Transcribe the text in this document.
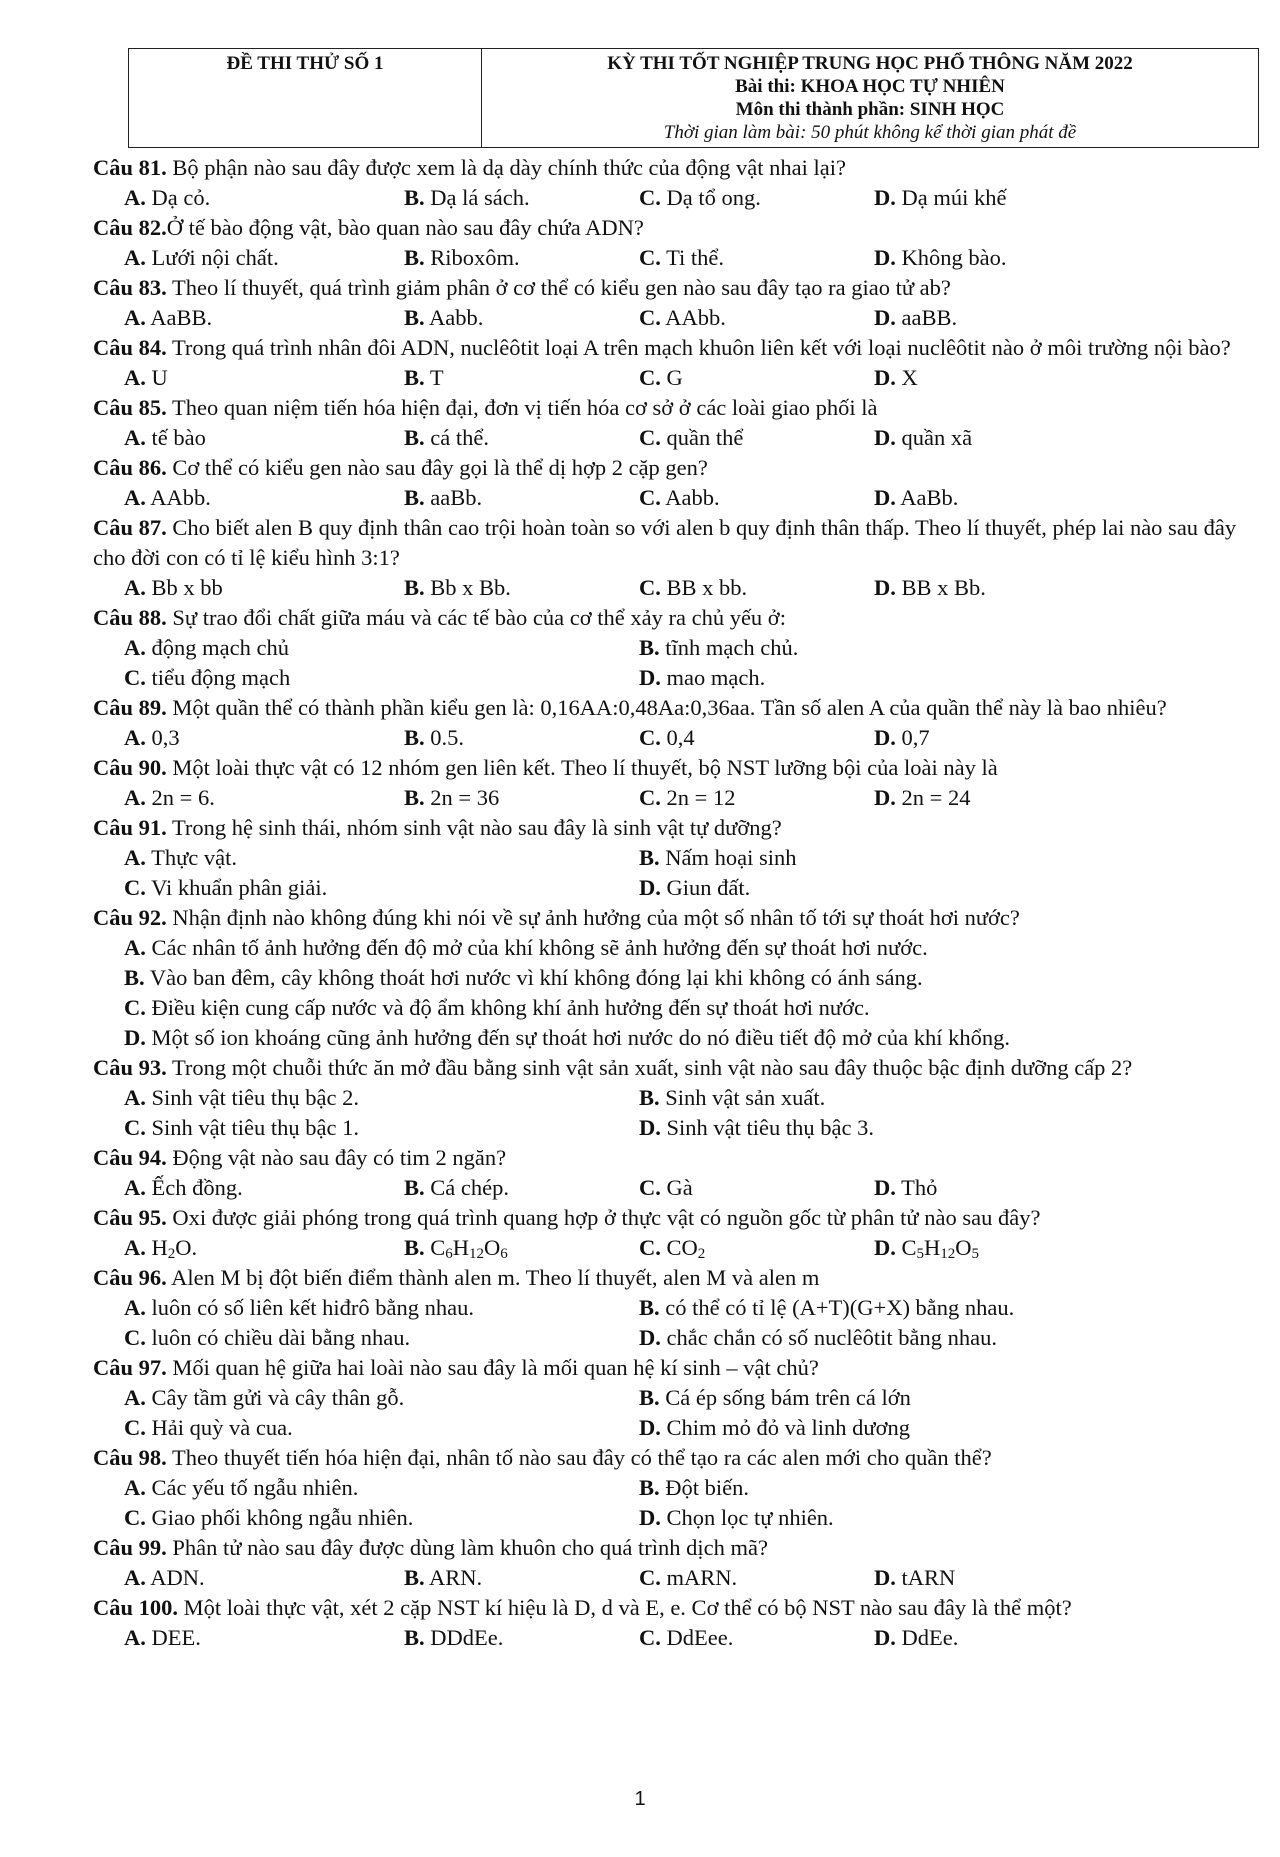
ĐỀ THI THỬ SỐ 1	KỲ THI TỐT NGHIỆP TRUNG HỌC PHỔ THÔNG NĂM 2022
Bài thi: KHOA HỌC TỰ NHIÊN
Môn thi thành phần: SINH HỌC
Thời gian làm bài: 50 phút không kể thời gian phát đề
Câu 81. Bộ phận nào sau đây được xem là dạ dày chính thức của động vật nhai lại?
A. Dạ cỏ.	B. Dạ lá sách.	C. Dạ tổ ong.	D. Dạ múi khế
Câu 82.Ở tế bào động vật, bào quan nào sau đây chứa ADN?
A. Lưới nội chất.	B. Riboxôm.	C. Ti thể.	D. Không bào.
Câu 83. Theo lí thuyết, quá trình giảm phân ở cơ thể có kiểu gen nào sau đây tạo ra giao tử ab?
A. AaBB.	B. Aabb.	C. AAbb.	D. aaBB.
Câu 84. Trong quá trình nhân đôi ADN, nuclêôtit loại A trên mạch khuôn liên kết với loại nuclêôtit nào ở môi trường nội bào?
A. U	B. T	C. G	D. X
Câu 85. Theo quan niệm tiến hóa hiện đại, đơn vị tiến hóa cơ sở ở các loài giao phối là
A. tế bào	B. cá thể.	C. quần thể	D. quần xã
Câu 86. Cơ thể có kiểu gen nào sau đây gọi là thể dị hợp 2 cặp gen?
A. AAbb.	B. aaBb.	C. Aabb.	D. AaBb.
Câu 87. Cho biết alen B quy định thân cao trội hoàn toàn so với alen b quy định thân thấp. Theo lí thuyết, phép lai nào sau đây cho đời con có tỉ lệ kiểu hình 3:1?
A. Bb x bb	B. Bb x Bb.	C. BB x bb.	D. BB x Bb.
Câu 88. Sự trao đổi chất giữa máu và các tế bào của cơ thể xảy ra chủ yếu ở:
A. động mạch chủ	B. tĩnh mạch chủ.
C. tiểu động mạch	D. mao mạch.
Câu 89. Một quần thể có thành phần kiểu gen là: 0,16AA:0,48Aa:0,36aa. Tần số alen A của quần thể này là bao nhiêu?
A. 0,3	B. 0.5.	C. 0,4	D. 0,7
Câu 90. Một loài thực vật có 12 nhóm gen liên kết. Theo lí thuyết, bộ NST lưỡng bội của loài này là
A. 2n = 6.	B. 2n = 36	C. 2n = 12	D. 2n = 24
Câu 91. Trong hệ sinh thái, nhóm sinh vật nào sau đây là sinh vật tự dưỡng?
A. Thực vật.	B. Nấm hoại sinh
C. Vi khuẩn phân giải.	D. Giun đất.
Câu 92. Nhận định nào không đúng khi nói về sự ảnh hưởng của một số nhân tố tới sự thoát hơi nước?
A. Các nhân tố ảnh hưởng đến độ mở của khí không sẽ ảnh hưởng đến sự thoát hơi nước.
B. Vào ban đêm, cây không thoát hơi nước vì khí không đóng lại khi không có ánh sáng.
C. Điều kiện cung cấp nước và độ ẩm không khí ảnh hưởng đến sự thoát hơi nước.
D. Một số ion khoáng cũng ảnh hưởng đến sự thoát hơi nước do nó điều tiết độ mở của khí khổng.
Câu 93. Trong một chuỗi thức ăn mở đầu bằng sinh vật sản xuất, sinh vật nào sau đây thuộc bậc định dưỡng cấp 2?
A. Sinh vật tiêu thụ bậc 2.	B. Sinh vật sản xuất.
C. Sinh vật tiêu thụ bậc 1.	D. Sinh vật tiêu thụ bậc 3.
Câu 94. Động vật nào sau đây có tim 2 ngăn?
A. Ếch đồng.	B. Cá chép.	C. Gà	D. Thỏ
Câu 95. Oxi được giải phóng trong quá trình quang hợp ở thực vật có nguồn gốc từ phân tử nào sau đây?
A. $H_2O$.	B. $C_6H_{12}O_6$	C. $CO_2$	D. $C_5H_{12}O_5$
Câu 96. Alen M bị đột biến điểm thành alen m. Theo lí thuyết, alen M và alen m
A. luôn có số liên kết hiđrô bằng nhau.	B. có thể có tỉ lệ (A+T)(G+X) bằng nhau.
C. luôn có chiều dài bằng nhau.	D. chắc chắn có số nuclêôtit bằng nhau.
Câu 97. Mối quan hệ giữa hai loài nào sau đây là mối quan hệ kí sinh – vật chủ?
A. Cây tầm gửi và cây thân gỗ.	B. Cá ép sống bám trên cá lớn
C. Hải quỳ và cua.	D. Chim mỏ đỏ và linh dương
Câu 98. Theo thuyết tiến hóa hiện đại, nhân tố nào sau đây có thể tạo ra các alen mới cho quần thể?
A. Các yếu tố ngẫu nhiên.	B. Đột biến.
C. Giao phối không ngẫu nhiên.	D. Chọn lọc tự nhiên.
Câu 99. Phân tử nào sau đây được dùng làm khuôn cho quá trình dịch mã?
A. ADN.	B. ARN.	C. mARN.	D. tARN
Câu 100. Một loài thực vật, xét 2 cặp NST kí hiệu là D, d và E, e. Cơ thể có bộ NST nào sau đây là thể một?
A. DEE.	B. DDdEe.	C. DdEee.	D. DdEe.
1
